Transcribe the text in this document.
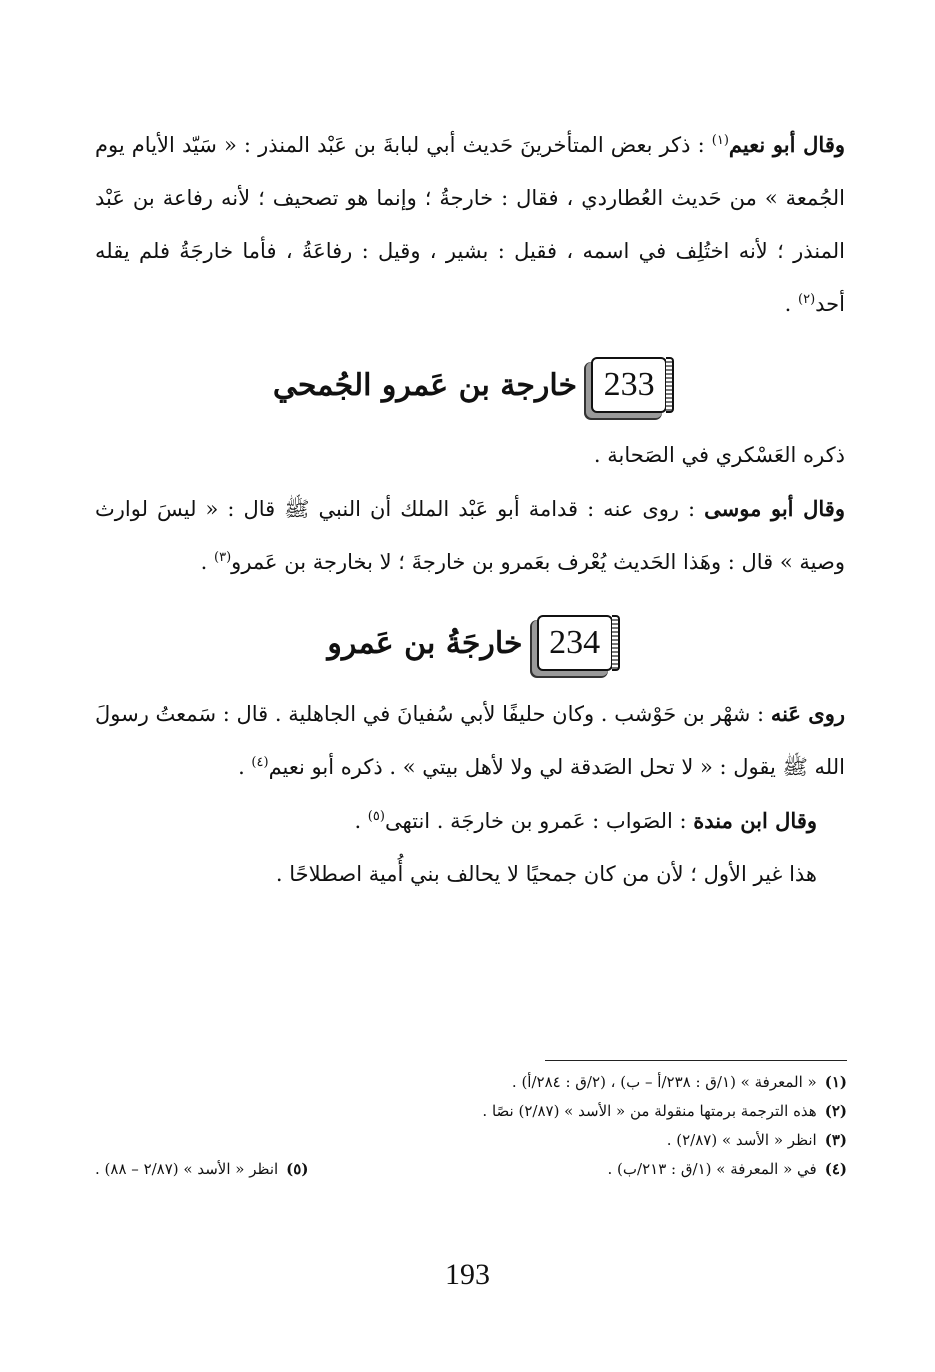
وقال أبو نعيم$^{(١)}$ : ذكر بعض المتأخرينَ حَديث أبي لبابةَ بن عَبْد المنذر : « سَيّد الأيام يوم الجُمعة » من حَديث العُطاردي ، فقال : خارجةُ ؛ وإنما هو تصحيف ؛ لأنه رفاعة بن عَبْد المنذر ؛ لأنه اختُلِف في اسمه ، فقيل : بشير ، وقيل : رفاعَةُ ، فأما خارجَةُ فلم يقله أحد$^{(٢)}$ .

233
خارجة بن عَمرو الجُمحي

ذكره العَسْكري في الصَحابة .

وقال أبو موسى : روى عنه : قدامة أبو عَبْد الملك أن النبي ﷺ قال : « ليسَ لوارث وصية » قال : وهَذا الحَديث يُعْرف بعَمرو بن خارجةَ ؛ لا بخارجة بن عَمرو$^{(٣)}$ .

234
خارجَةُ بن عَمرو

روى عَنه : شهْر بن حَوْشب . وكان حليفًا لأبي سُفيانَ في الجاهلية . قال : سَمعتُ رسولَ الله ﷺ يقول : « لا تحل الصَدقة لي ولا لأهل بيتي » . ذكره أبو نعيم$^{(٤)}$ .

وقال ابن مندة : الصَواب : عَمرو بن خارجَة . انتهى$^{(٥)}$ .

هذا غير الأول ؛ لأن من كان جمحيًا لا يحالف بني أُمية اصطلاحًا .

(١)
« المعرفة » (١/ق : ٢٣٨/أ – ب) ، (٢/ق : ٢٨٤/أ) .
(٢)
هذه الترجمة برمتها منقولة من « الأسد » (٢/٨٧) نصًا .
(٣)
انظر « الأسد » (٢/٨٧) .
(٤)
في « المعرفة » (١/ق : ٢١٣/ب) .
(٥)
انظر « الأسد » (٢/٨٧ – ٨٨) .
193
